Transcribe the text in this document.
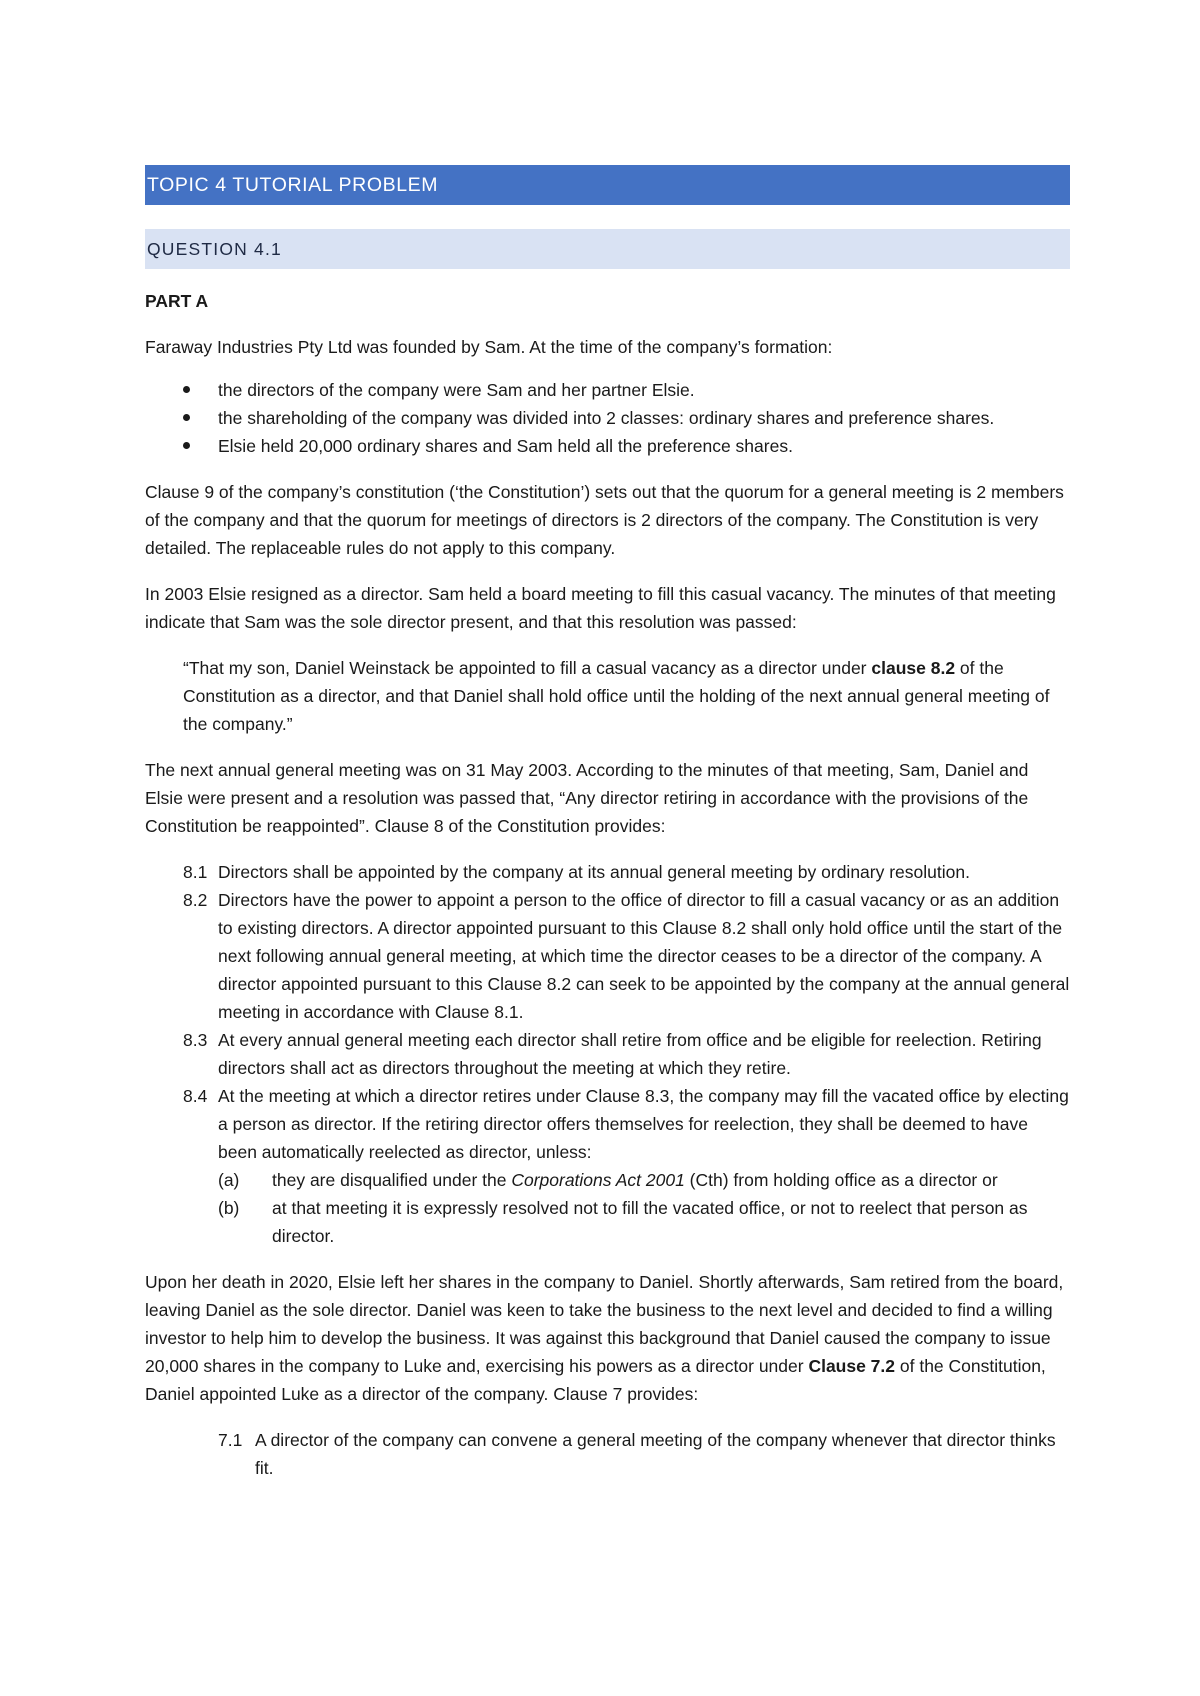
TOPIC 4 TUTORIAL PROBLEM
QUESTION 4.1
PART A

Faraway Industries Pty Ltd was founded by Sam. At the time of the company’s formation:

the directors of the company were Sam and her partner Elsie.
the shareholding of the company was divided into 2 classes: ordinary shares and preference shares.
Elsie held 20,000 ordinary shares and Sam held all the preference shares.

Clause 9 of the company’s constitution (‘the Constitution’) sets out that the quorum for a general meeting is 2 members of the company and that the quorum for meetings of directors is 2 directors of the company. The Constitution is very detailed. The replaceable rules do not apply to this company.

In 2003 Elsie resigned as a director. Sam held a board meeting to fill this casual vacancy. The minutes of that meeting indicate that Sam was the sole director present, and that this resolution was passed:

“That my son, Daniel Weinstack be appointed to fill a casual vacancy as a director under clause 8.2 of the Constitution as a director, and that Daniel shall hold office until the holding of the next annual general meeting of the company.”

The next annual general meeting was on 31 May 2003. According to the minutes of that meeting, Sam, Daniel and Elsie were present and a resolution was passed that, “Any director retiring in accordance with the provisions of the Constitution be reappointed”. Clause 8 of the Constitution provides:

8.1 Directors shall be appointed by the company at its annual general meeting by ordinary resolution.
8.2 Directors have the power to appoint a person to the office of director to fill a casual vacancy or as an addition to existing directors. A director appointed pursuant to this Clause 8.2 shall only hold office until the start of the next following annual general meeting, at which time the director ceases to be a director of the company. A director appointed pursuant to this Clause 8.2 can seek to be appointed by the company at the annual general meeting in accordance with Clause 8.1.
8.3 At every annual general meeting each director shall retire from office and be eligible for reelection. Retiring directors shall act as directors throughout the meeting at which they retire.
8.4 At the meeting at which a director retires under Clause 8.3, the company may fill the vacated office by electing a person as director. If the retiring director offers themselves for reelection, they shall be deemed to have been automatically reelected as director, unless:
(a)	they are disqualified under the Corporations Act 2001 (Cth) from holding office as a director or
(b)	at that meeting it is expressly resolved not to fill the vacated office, or not to reelect that person as director.

Upon her death in 2020, Elsie left her shares in the company to Daniel. Shortly afterwards, Sam retired from the board, leaving Daniel as the sole director. Daniel was keen to take the business to the next level and decided to find a willing investor to help him to develop the business. It was against this background that Daniel caused the company to issue 20,000 shares in the company to Luke and, exercising his powers as a director under Clause 7.2 of the Constitution, Daniel appointed Luke as a director of the company. Clause 7 provides:

7.1 A director of the company can convene a general meeting of the company whenever that director thinks fit.
